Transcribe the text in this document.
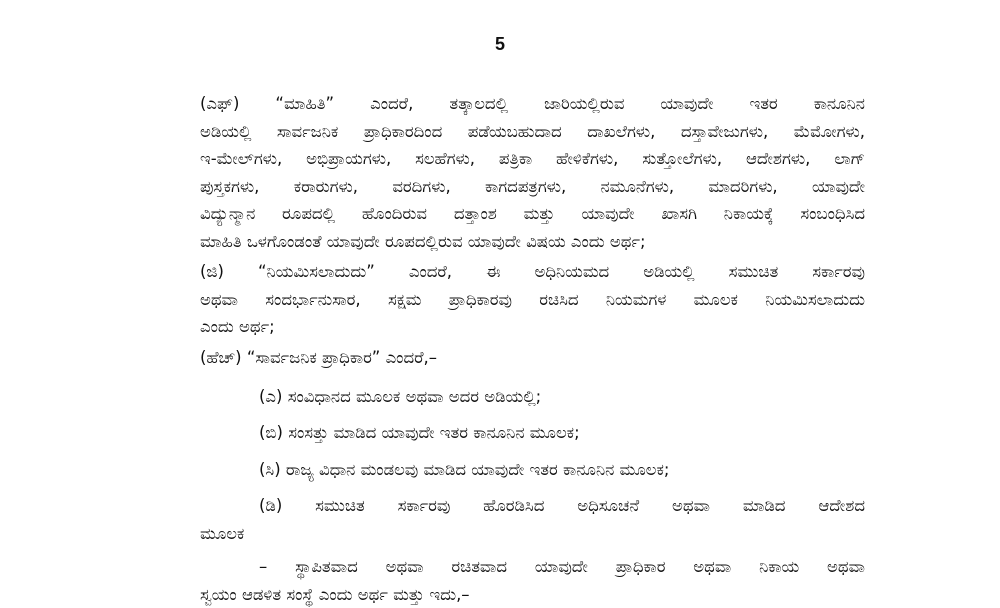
5
(ಎಫ್) “ಮಾಹಿತಿ” ಎಂದರೆ, ತತ್ಕಾಲದಲ್ಲಿ ಜಾರಿಯಲ್ಲಿರುವ ಯಾವುದೇ ಇತರ ಕಾನೂನಿನ
ಅಡಿಯಲ್ಲಿ ಸಾರ್ವಜನಿಕ ಪ್ರಾಧಿಕಾರದಿಂದ ಪಡೆಯಬಹುದಾದ ದಾಖಲೆಗಳು, ದಸ್ತಾವೇಜುಗಳು, ಮೆಮೋಗಳು,
ಇ-ಮೇಲ್‌ಗಳು, ಅಭಿಪ್ರಾಯಗಳು, ಸಲಹೆಗಳು, ಪತ್ರಿಕಾ ಹೇಳಿಕೆಗಳು, ಸುತ್ತೋಲೆಗಳು, ಆದೇಶಗಳು, ಲಾಗ್
ಪುಸ್ತಕಗಳು, ಕರಾರುಗಳು, ವರದಿಗಳು, ಕಾಗದಪತ್ರಗಳು, ನಮೂನೆಗಳು, ಮಾದರಿಗಳು, ಯಾವುದೇ
ವಿದ್ಯುನ್ಮಾನ ರೂಪದಲ್ಲಿ ಹೊಂದಿರುವ ದತ್ತಾಂಶ ಮತ್ತು ಯಾವುದೇ ಖಾಸಗಿ ನಿಕಾಯಕ್ಕೆ ಸಂಬಂಧಿಸಿದ
ಮಾಹಿತಿ ಒಳಗೊಂಡಂತೆ ಯಾವುದೇ ರೂಪದಲ್ಲಿರುವ ಯಾವುದೇ ವಿಷಯ ಎಂದು ಅರ್ಥ;
(ಜಿ) “ನಿಯಮಿಸಲಾದುದು” ಎಂದರೆ, ಈ ಅಧಿನಿಯಮದ ಅಡಿಯಲ್ಲಿ ಸಮುಚಿತ ಸರ್ಕಾರವು
ಅಥವಾ ಸಂದರ್ಭಾನುಸಾರ, ಸಕ್ಷಮ ಪ್ರಾಧಿಕಾರವು ರಚಿಸಿದ ನಿಯಮಗಳ ಮೂಲಕ ನಿಯಮಿಸಲಾದುದು
ಎಂದು ಅರ್ಥ;
(ಹೆಚ್) “ಸಾರ್ವಜನಿಕ ಪ್ರಾಧಿಕಾರ” ಎಂದರೆ,–
(ಎ) ಸಂವಿಧಾನದ ಮೂಲಕ ಅಥವಾ ಅದರ ಅಡಿಯಲ್ಲಿ;
(ಬಿ) ಸಂಸತ್ತು ಮಾಡಿದ ಯಾವುದೇ ಇತರ ಕಾನೂನಿನ ಮೂಲಕ;
(ಸಿ) ರಾಜ್ಯ ವಿಧಾನ ಮಂಡಲವು ಮಾಡಿದ ಯಾವುದೇ ಇತರ ಕಾನೂನಿನ ಮೂಲಕ;
(ಡಿ) ಸಮುಚಿತ ಸರ್ಕಾರವು ಹೊರಡಿಸಿದ ಅಧಿಸೂಚನೆ ಅಥವಾ ಮಾಡಿದ ಆದೇಶದ
ಮೂಲಕ
– ಸ್ಥಾಪಿತವಾದ ಅಥವಾ ರಚಿತವಾದ ಯಾವುದೇ ಪ್ರಾಧಿಕಾರ ಅಥವಾ ನಿಕಾಯ ಅಥವಾ
ಸ್ವಯಂ ಆಡಳಿತ ಸಂಸ್ಥೆ ಎಂದು ಅರ್ಥ ಮತ್ತು ಇದು,–
